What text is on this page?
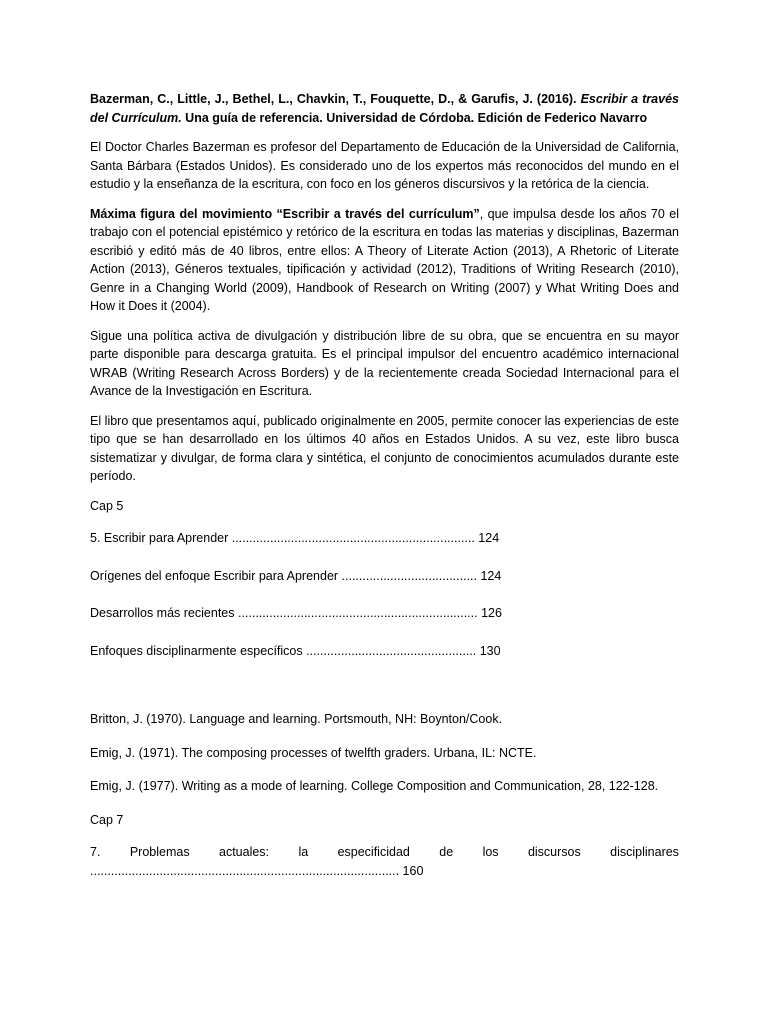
Bazerman, C., Little, J., Bethel, L., Chavkin, T., Fouquette, D., & Garufis, J. (2016). Escribir a través del Currículum. Una guía de referencia. Universidad de Córdoba. Edición de Federico Navarro

El Doctor Charles Bazerman es profesor del Departamento de Educación de la Universidad de California, Santa Bárbara (Estados Unidos). Es considerado uno de los expertos más reconocidos del mundo en el estudio y la enseñanza de la escritura, con foco en los géneros discursivos y la retórica de la ciencia.

Máxima figura del movimiento “Escribir a través del currículum”, que impulsa desde los años 70 el trabajo con el potencial epistémico y retórico de la escritura en todas las materias y disciplinas, Bazerman escribió y editó más de 40 libros, entre ellos: A Theory of Literate Action (2013), A Rhetoric of Literate Action (2013), Géneros textuales, tipificación y actividad (2012), Traditions of Writing Research (2010), Genre in a Changing World (2009), Handbook of Research on Writing (2007) y What Writing Does and How it Does it (2004).

Sigue una política activa de divulgación y distribución libre de su obra, que se encuentra en su mayor parte disponible para descarga gratuita. Es el principal impulsor del encuentro académico internacional WRAB (Writing Research Across Borders) y de la recientemente creada Sociedad Internacional para el Avance de la Investigación en Escritura.

El libro que presentamos aquí, publicado originalmente en 2005, permite conocer las experiencias de este tipo que se han desarrollado en los últimos 40 años en Estados Unidos. A su vez, este libro busca sistematizar y divulgar, de forma clara y sintética, el conjunto de conocimientos acumulados durante este período.

Cap 5
5. Escribir para Aprender ...................................................................... 124
Orígenes del enfoque Escribir para Aprender ....................................... 124
Desarrollos más recientes ..................................................................... 126
Enfoques disciplinarmente específicos ................................................. 130
Britton, J. (1970). Language and learning. Portsmouth, NH: Boynton/Cook.
Emig, J. (1971). The composing processes of twelfth graders. Urbana, IL: NCTE.
Emig, J. (1977). Writing as a mode of learning. College Composition and Communication, 28, 122-128.
Cap 7
7. Problemas actuales: la especificidad de los discursos disciplinares
......................................................................................... 160
